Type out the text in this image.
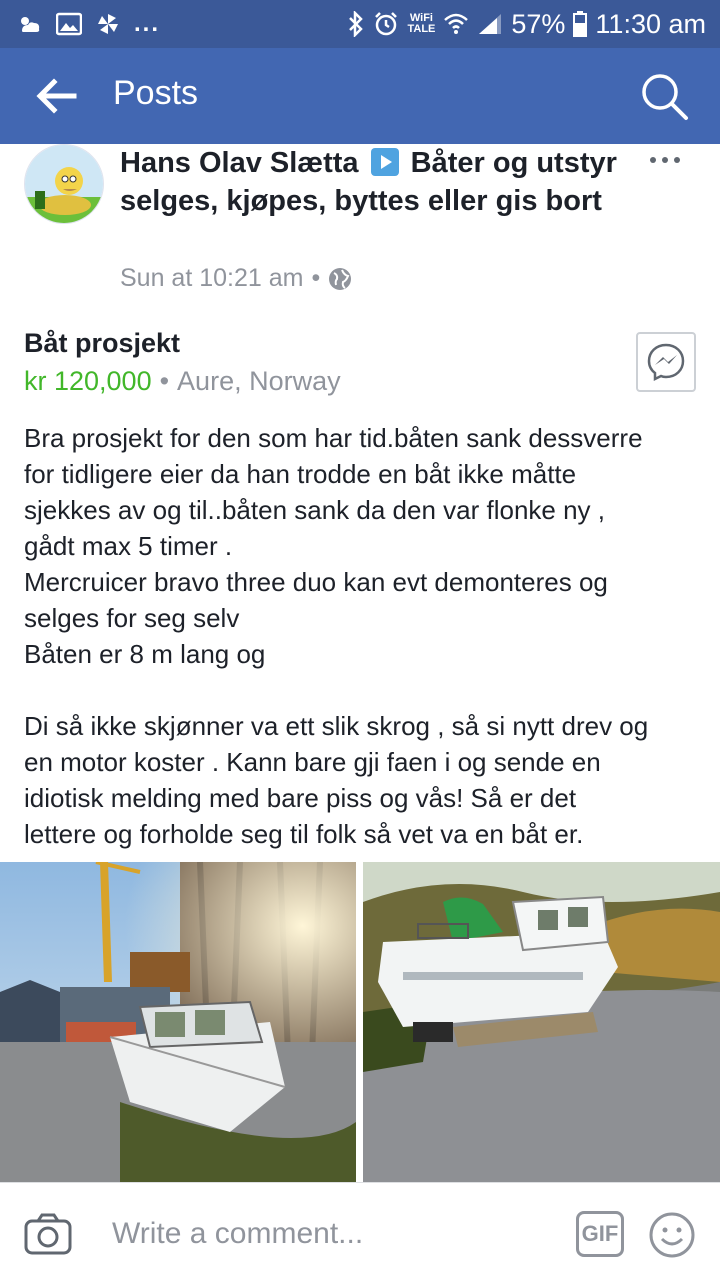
...	WiFi
TALE	57% 11:30 am
Posts
Hans Olav Slætta Båter og utstyr selges, kjøpes, byttes eller gis bort
Sun at 10:21 am •
Båt prosjekt
kr 120,000 • Aure, Norway
Bra prosjekt for den som har tid.båten sank dessverre
for tidligere eier da han trodde en båt ikke måtte
sjekkes av og til..båten sank da den var flonke ny ,
gådt max 5 timer .
Mercruicer bravo three duo kan evt demonteres og
selges for seg selv
Båten er 8 m lang og
Di så ikke skjønner va ett slik skrog , så si nytt drev og
en motor koster . Kann bare gji faen i og sende en
idiotisk melding med bare piss og vås! Så er det
lettere og forholde seg til folk så vet va en båt er.
Write a comment...	GIF
